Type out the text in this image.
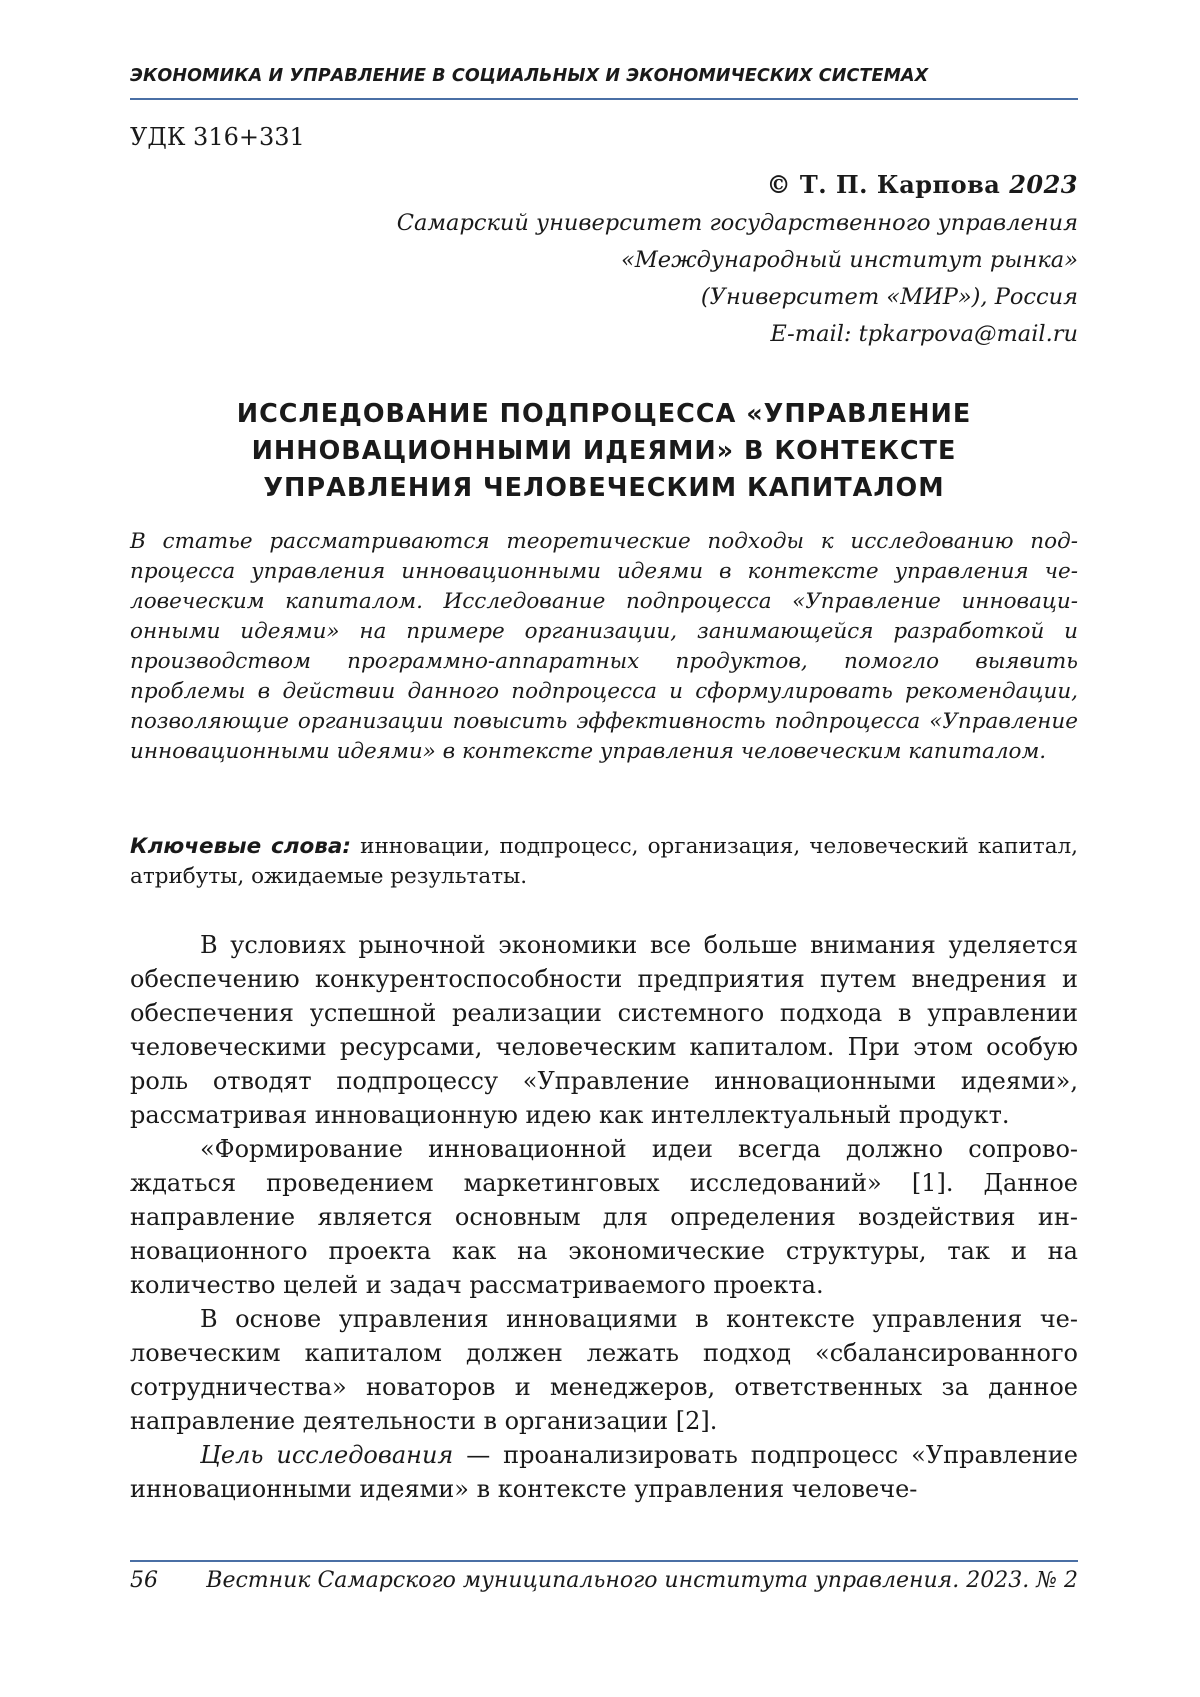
ЭКОНОМИКА И УПРАВЛЕНИЕ В СОЦИАЛЬНЫХ И ЭКОНОМИЧЕСКИХ СИСТЕМАХ
УДК 316+331
© Т. П. Карпова 2023
Самарский университет государственного управления
«Международный институт рынка»
(Университет «МИР»), Россия
E-mail: tpkarpova@mail.ru
ИССЛЕДОВАНИЕ ПОДПРОЦЕССА «УПРАВЛЕНИЕ
ИННОВАЦИОННЫМИ ИДЕЯМИ» В КОНТЕКСТЕ
УПРАВЛЕНИЯ ЧЕЛОВЕЧЕСКИМ КАПИТАЛОМ
В статье рассматриваются теоретические подходы к исследованию подпроцесса управления инновационными идеями в контексте управления человеческим капиталом. Исследование подпроцесса «Управление инновационными идеями» на примере организации, занимающейся разработкой и производством программно-аппаратных продуктов, помогло выявить проблемы в действии данного подпроцесса и сформулировать рекомендации, позволяющие организации повысить эффективность подпроцесса «Управление инновационными идеями» в контексте управления человеческим капиталом.
Ключевые слова: инновации, подпроцесс, организация, человеческий капитал, атрибуты, ожидаемые результаты.

В условиях рыночной экономики все больше внимания уделяется обеспечению конкурентоспособности предприятия путем внедрения и обеспечения успешной реализации системного подхода в управлении человеческими ресурсами, человеческим капиталом. При этом особую роль отводят подпроцессу «Управление инновационными идеями», рассматривая инновационную идею как интеллектуальный продукт.

«Формирование инновационной идеи всегда должно сопровождаться проведением маркетинговых исследований» [1]. Данное направление является основным для определения воздействия инновационного проекта как на экономические структуры, так и на количество целей и задач рассматриваемого проекта.

В основе управления инновациями в контексте управления человеческим капиталом должен лежать подход «сбалансированного сотрудничества» новаторов и менеджеров, ответственных за данное направление деятельности в организации [2].

Цель исследования — проанализировать подпроцесс «Управление инновационными идеями» в контексте управления человече-

56 Вестник Самарского муниципального института управления. 2023. № 2
